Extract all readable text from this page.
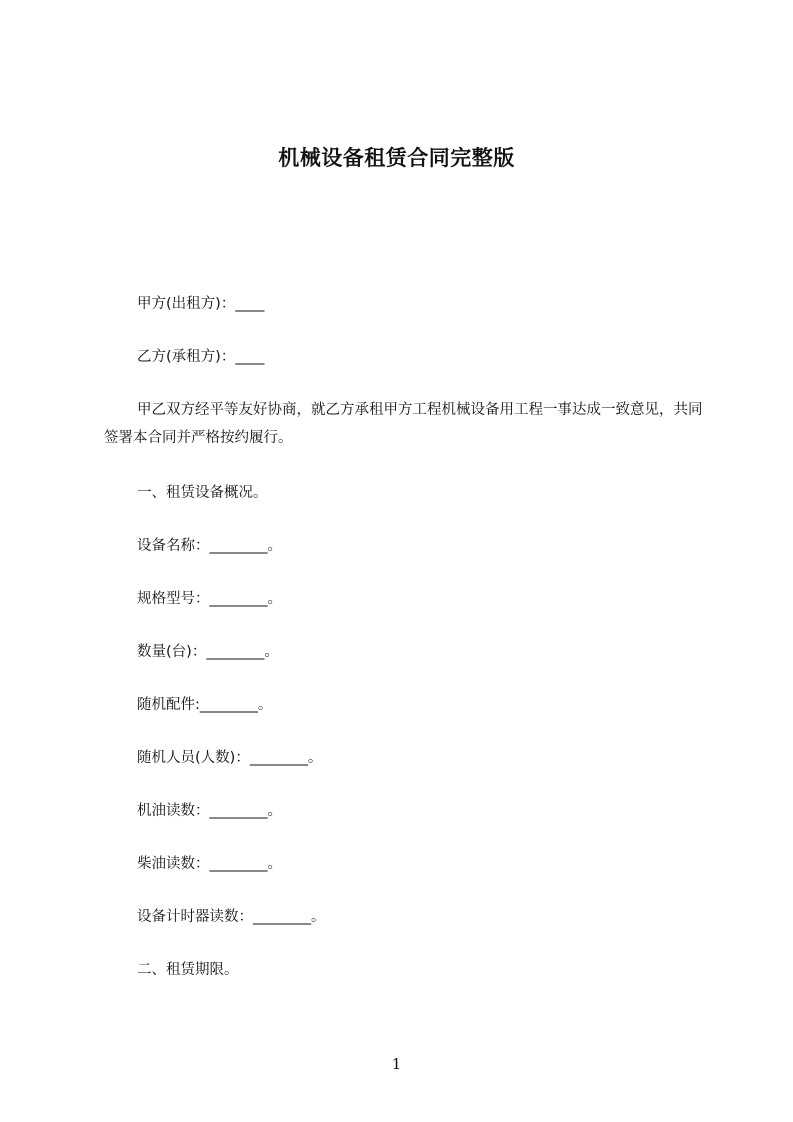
机械设备租赁合同完整版
甲方(出租方)：____
乙方(承租方)：____
甲乙双方经平等友好协商，就乙方承租甲方工程机械设备用工程一事达成一致意见，共同签署本合同并严格按约履行。
一、租赁设备概况。
设备名称：________。
规格型号：________。
数量(台)：________。
随机配件:________。
随机人员(人数)：________。
机油读数：________。
柴油读数：________。
设备计时器读数：________。
二、租赁期限。
1
